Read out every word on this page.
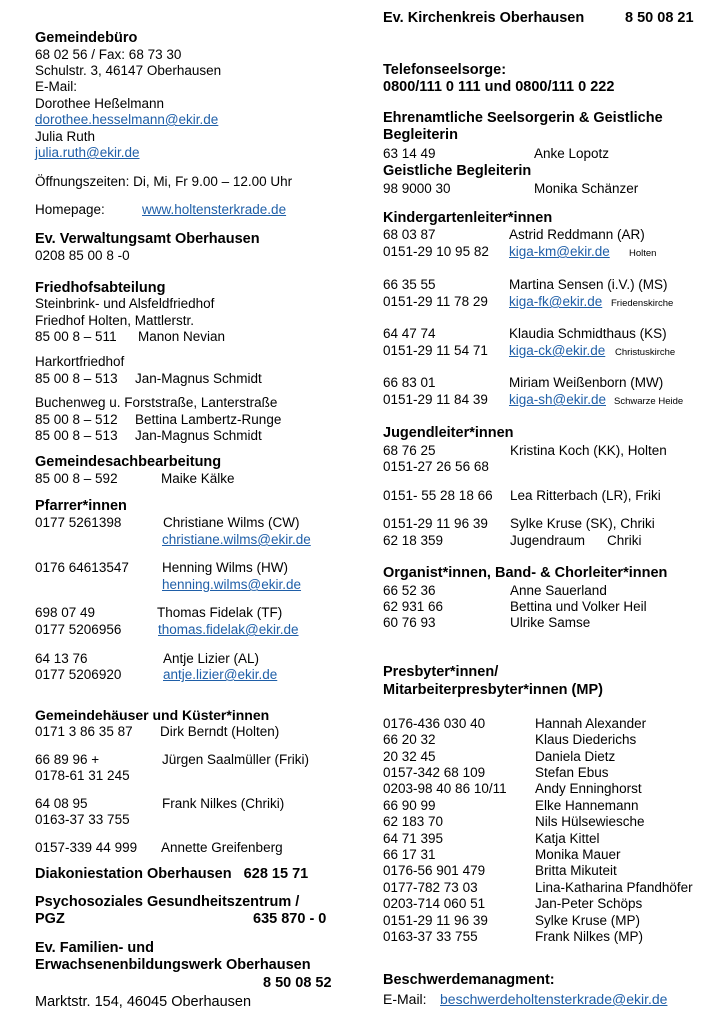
Gemeindebüro
68 02 56 / Fax: 68 73 30
Schulstr. 3, 46147 Oberhausen
E-Mail:
Dorothee Heßelmann
dorothee.hesselmann@ekir.de
Julia Ruth
julia.ruth@ekir.de
Öffnungszeiten: Di, Mi, Fr 9.00 – 12.00 Uhr
Homepage:	www.holtensterkrade.de
Ev. Verwaltungsamt Oberhausen
0208 85 00 8 -0
Friedhofsabteilung
Steinbrink- und Alsfeldfriedhof
Friedhof Holten, Mattlerstr.
85 00 8 – 511 Manon Nevian
Harkortfriedhof
85 00 8 – 513 Jan-Magnus Schmidt
Buchenweg u. Forststraße, Lanterstraße
85 00 8 – 512 Bettina Lambertz-Runge
85 00 8 – 513 Jan-Magnus Schmidt
Gemeindesachbearbeitung
85 00 8 – 592	Maike Kälke
Pfarrer*innen
0177 5261398	Christiane Wilms (CW)
christiane.wilms@ekir.de
0176 64613547 Henning Wilms (HW)
henning.wilms@ekir.de
698 07 49	Thomas Fidelak (TF)
0177 5206956	thomas.fidelak@ekir.de
64 13 76	Antje Lizier (AL)
0177 5206920	antje.lizier@ekir.de
Gemeindehäuser und Küster*innen
0171 3 86 35 87 Dirk Berndt (Holten)
66 89 96 +	Jürgen Saalmüller (Friki)
0178-61 31 245
64 08 95	Frank Nilkes (Chriki)
0163-37 33 755
0157-339 44 999 Annette Greifenberg
Diakoniestation Oberhausen   628 15 71
Psychosoziales Gesundheitszentrum /
PGZ	635 870 - 0
Ev. Familien- und
Erwachsenenbildungswerk Oberhausen
8 50 08 52
Marktstr. 154, 46045 Oberhausen
Ev. Kirchenkreis Oberhausen	8 50 08 21
Telefonseelsorge:
0800/111 0 111 und 0800/111 0 222
Ehrenamtliche Seelsorgerin & Geistliche
Begleiterin
63 14 49	Anke Lopotz
Geistliche Begleiterin
98 9000 30	Monika Schänzer
Kindergartenleiter*innen
68 03 87	Astrid Reddmann (AR)
0151-29 10 95 82 kiga-km@ekir.de Holten
66 35 55	Martina Sensen (i.V.) (MS)
0151-29 11 78 29 kiga-fk@ekir.de Friedenskirche
64 47 74	Klaudia Schmidthaus (KS)
0151-29 11 54 71 kiga-ck@ekir.de Christuskirche
66 83 01	Miriam Weißenborn (MW)
0151-29 11 84 39 kiga-sh@ekir.de Schwarze Heide
Jugendleiter*innen
68 76 25	Kristina Koch (KK), Holten
0151-27 26 56 68
0151- 55 28 18 66 Lea Ritterbach (LR), Friki
0151-29 11 96 39 Sylke Kruse (SK), Chriki
62 18 359	Jugendraum Chriki
Organist*innen, Band- & Chorleiter*innen
66 52 36	Anne Sauerland
62 931 66	Bettina und Volker Heil
60 76 93	Ulrike Samse
Presbyter*innen/
Mitarbeiterpresbyter*innen (MP)
0176-436 030 40	Hannah Alexander
66 20 32	Klaus Diederichs
20 32 45	Daniela Dietz
0157-342 68 109	Stefan Ebus
0203-98 40 86 10/11 Andy Enninghorst
66 90 99	Elke Hannemann
62 183 70	Nils Hülsewiesche
64 71 395	Katja Kittel
66 17 31	Monika Mauer
0176-56 901 479	Britta Mikuteit
0177-782 73 03	Lina-Katharina Pfandhöfer
0203-714 060 51	Jan-Peter Schöps
0151-29 11 96 39	Sylke Kruse (MP)
0163-37 33 755	Frank Nilkes (MP)
Beschwerdemanagment:
E-Mail: beschwerdeholtensterkrade@ekir.de
